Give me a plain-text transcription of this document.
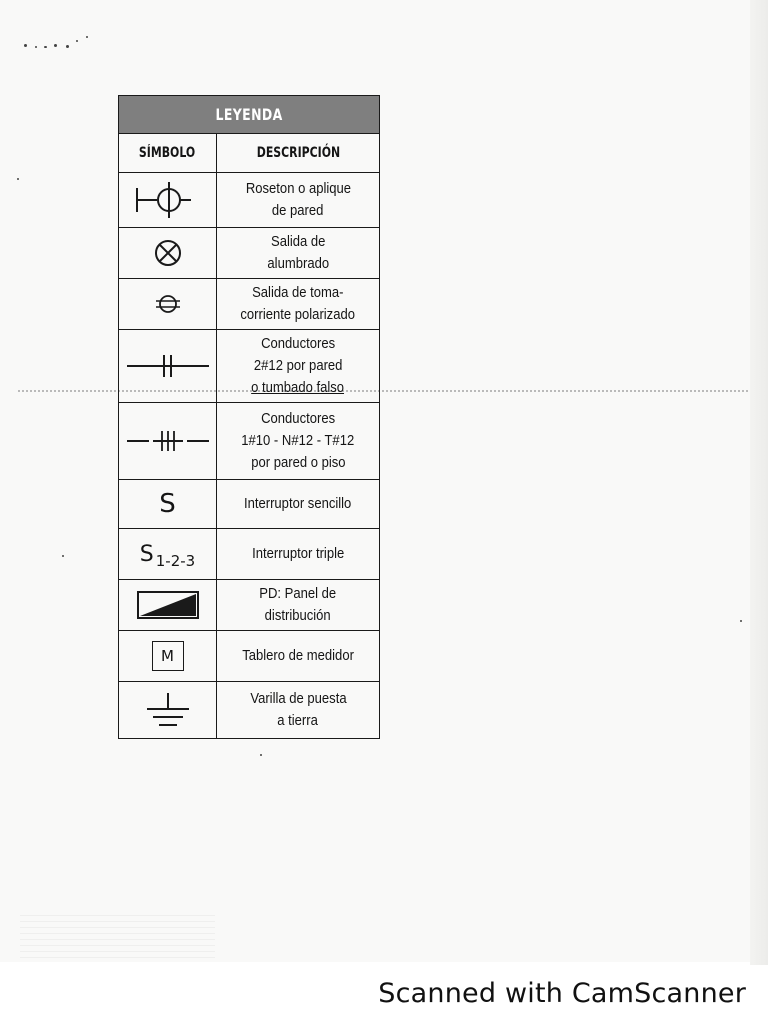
LEYENDA	
SÍMBOLO	DESCRIPCIÓN

	Roseton o aplique
de pared

	Salida de
alumbrado

	Salida de toma-
corriente polarizado

	Conductores
2#12 por pared
o tumbado falso

	Conductores
1#10 - N#12 - T#12
por pared o piso
S	Interruptor sencillo
S $_{1-2-3}$	Interruptor triple

	PD: Panel de
distribución
M	Tablero de medidor

	Varilla de puesta
a tierra
Scanned with CamScanner
